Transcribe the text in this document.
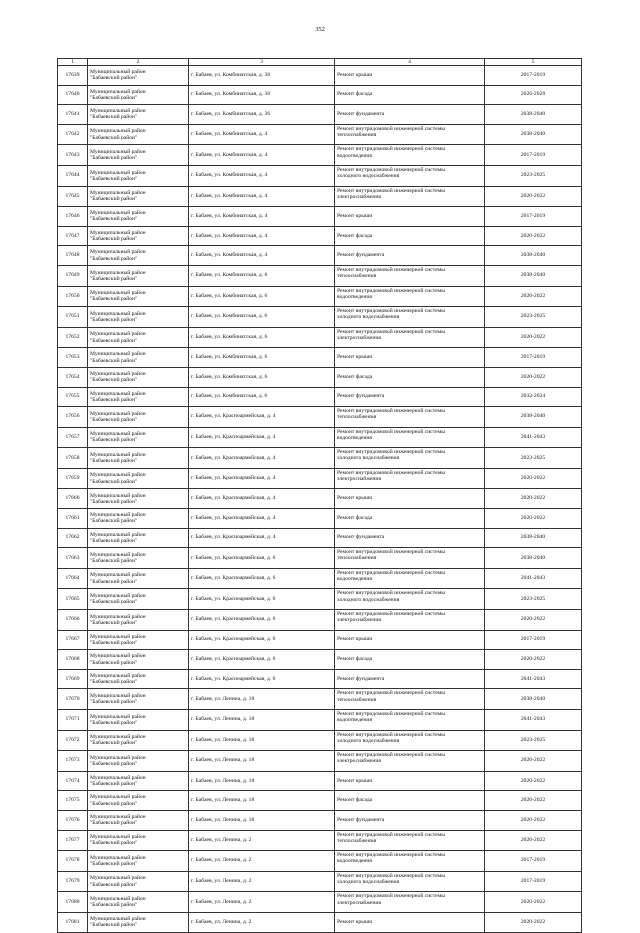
352
1	2	3	4	5
17639	Муниципальный район
"Бабаевский район"	г. Бабаев, ул. Комбинатская, д. 36	Ремонт крыши	2017-2019
17640	Муниципальный район
"Бабаевский район"	г. Бабаев, ул. Комбинатская, д. 36	Ремонт фасада	2026-2028
17641	Муниципальный район
"Бабаевский район"	г. Бабаев, ул. Комбинатская, д. 36	Ремонт фундамента	2038-2040
17642	Муниципальный район
"Бабаевский район"	г. Бабаев, ул. Комбинатская, д. 4	Ремонт внутридомовой инженерной системы
теплоснабжения	2038-2040
17643	Муниципальный район
"Бабаевский район"	г. Бабаев, ул. Комбинатская, д. 4	Ремонт внутридомовой инженерной системы
водоотведения	2017-2019
17644	Муниципальный район
"Бабаевский район"	г. Бабаев, ул. Комбинатская, д. 4	Ремонт внутридомовой инженерной системы
холодного водоснабжения	2023-2025
17645	Муниципальный район
"Бабаевский район"	г. Бабаев, ул. Комбинатская, д. 4	Ремонт внутридомовой инженерной системы
электроснабжения	2020-2022
17646	Муниципальный район
"Бабаевский район"	г. Бабаев, ул. Комбинатская, д. 4	Ремонт крыши	2017-2019
17647	Муниципальный район
"Бабаевский район"	г. Бабаев, ул. Комбинатская, д. 4	Ремонт фасада	2020-2022
17648	Муниципальный район
"Бабаевский район"	г. Бабаев, ул. Комбинатская, д. 4	Ремонт фундамента	2038-2040
17649	Муниципальный район
"Бабаевский район"	г. Бабаев, ул. Комбинатская, д. 6	Ремонт внутридомовой инженерной системы
теплоснабжения	2038-2040
17650	Муниципальный район
"Бабаевский район"	г. Бабаев, ул. Комбинатская, д. 6	Ремонт внутридомовой инженерной системы
водоотведения	2020-2022
17651	Муниципальный район
"Бабаевский район"	г. Бабаев, ул. Комбинатская, д. 6	Ремонт внутридомовой инженерной системы
холодного водоснабжения	2023-2025
17652	Муниципальный район
"Бабаевский район"	г. Бабаев, ул. Комбинатская, д. 6	Ремонт внутридомовой инженерной системы
электроснабжения	2020-2022
17653	Муниципальный район
"Бабаевский район"	г. Бабаев, ул. Комбинатская, д. 6	Ремонт крыши	2017-2019
17654	Муниципальный район
"Бабаевский район"	г. Бабаев, ул. Комбинатская, д. 6	Ремонт фасада	2020-2022
17655	Муниципальный район
"Бабаевский район"	г. Бабаев, ул. Комбинатская, д. 6	Ремонт фундамента	2032-2034
17656	Муниципальный район
"Бабаевский район"	г. Бабаев, ул. Красноармейская, д. 4	Ремонт внутридомовой инженерной системы
теплоснабжения	2038-2040
17657	Муниципальный район
"Бабаевский район"	г. Бабаев, ул. Красноармейская, д. 4	Ремонт внутридомовой инженерной системы
водоотведения	2041-2043
17658	Муниципальный район
"Бабаевский район"	г. Бабаев, ул. Красноармейская, д. 4	Ремонт внутридомовой инженерной системы
холодного водоснабжения	2023-2025
17659	Муниципальный район
"Бабаевский район"	г. Бабаев, ул. Красноармейская, д. 4	Ремонт внутридомовой инженерной системы
электроснабжения	2020-2022
17660	Муниципальный район
"Бабаевский район"	г. Бабаев, ул. Красноармейская, д. 4	Ремонт крыши	2020-2022
17661	Муниципальный район
"Бабаевский район"	г. Бабаев, ул. Красноармейская, д. 4	Ремонт фасада	2020-2022
17662	Муниципальный район
"Бабаевский район"	г. Бабаев, ул. Красноармейская, д. 4	Ремонт фундамента	2038-2040
17663	Муниципальный район
"Бабаевский район"	г. Бабаев, ул. Красноармейская, д. 6	Ремонт внутридомовой инженерной системы
теплоснабжения	2038-2040
17664	Муниципальный район
"Бабаевский район"	г. Бабаев, ул. Красноармейская, д. 6	Ремонт внутридомовой инженерной системы
водоотведения	2041-2043
17665	Муниципальный район
"Бабаевский район"	г. Бабаев, ул. Красноармейская, д. 6	Ремонт внутридомовой инженерной системы
холодного водоснабжения	2023-2025
17666	Муниципальный район
"Бабаевский район"	г. Бабаев, ул. Красноармейская, д. 6	Ремонт внутридомовой инженерной системы
электроснабжения	2020-2022
17667	Муниципальный район
"Бабаевский район"	г. Бабаев, ул. Красноармейская, д. 6	Ремонт крыши	2017-2019
17668	Муниципальный район
"Бабаевский район"	г. Бабаев, ул. Красноармейская, д. 6	Ремонт фасада	2020-2022
17669	Муниципальный район
"Бабаевский район"	г. Бабаев, ул. Красноармейская, д. 6	Ремонт фундамента	2041-2043
17670	Муниципальный район
"Бабаевский район"	г. Бабаев, ул. Ленина, д. 18	Ремонт внутридомовой инженерной системы
теплоснабжения	2038-2040
17671	Муниципальный район
"Бабаевский район"	г. Бабаев, ул. Ленина, д. 18	Ремонт внутридомовой инженерной системы
водоотведения	2041-2043
17672	Муниципальный район
"Бабаевский район"	г. Бабаев, ул. Ленина, д. 18	Ремонт внутридомовой инженерной системы
холодного водоснабжения	2023-2025
17673	Муниципальный район
"Бабаевский район"	г. Бабаев, ул. Ленина, д. 18	Ремонт внутридомовой инженерной системы
электроснабжения	2020-2022
17674	Муниципальный район
"Бабаевский район"	г. Бабаев, ул. Ленина, д. 18	Ремонт крыши	2020-2022
17675	Муниципальный район
"Бабаевский район"	г. Бабаев, ул. Ленина, д. 18	Ремонт фасада	2020-2022
17676	Муниципальный район
"Бабаевский район"	г. Бабаев, ул. Ленина, д. 18	Ремонт фундамента	2020-2022
17677	Муниципальный район
"Бабаевский район"	г. Бабаев, ул. Ленина, д. 2	Ремонт внутридомовой инженерной системы
теплоснабжения	2020-2022
17678	Муниципальный район
"Бабаевский район"	г. Бабаев, ул. Ленина, д. 2	Ремонт внутридомовой инженерной системы
водоотведения	2017-2019
17679	Муниципальный район
"Бабаевский район"	г. Бабаев, ул. Ленина, д. 2	Ремонт внутридомовой инженерной системы
холодного водоснабжения	2017-2019
17680	Муниципальный район
"Бабаевский район"	г. Бабаев, ул. Ленина, д. 2	Ремонт внутридомовой инженерной системы
электроснабжения	2020-2022
17681	Муниципальный район
"Бабаевский район"	г. Бабаев, ул. Ленина, д. 2	Ремонт крыши	2020-2022
